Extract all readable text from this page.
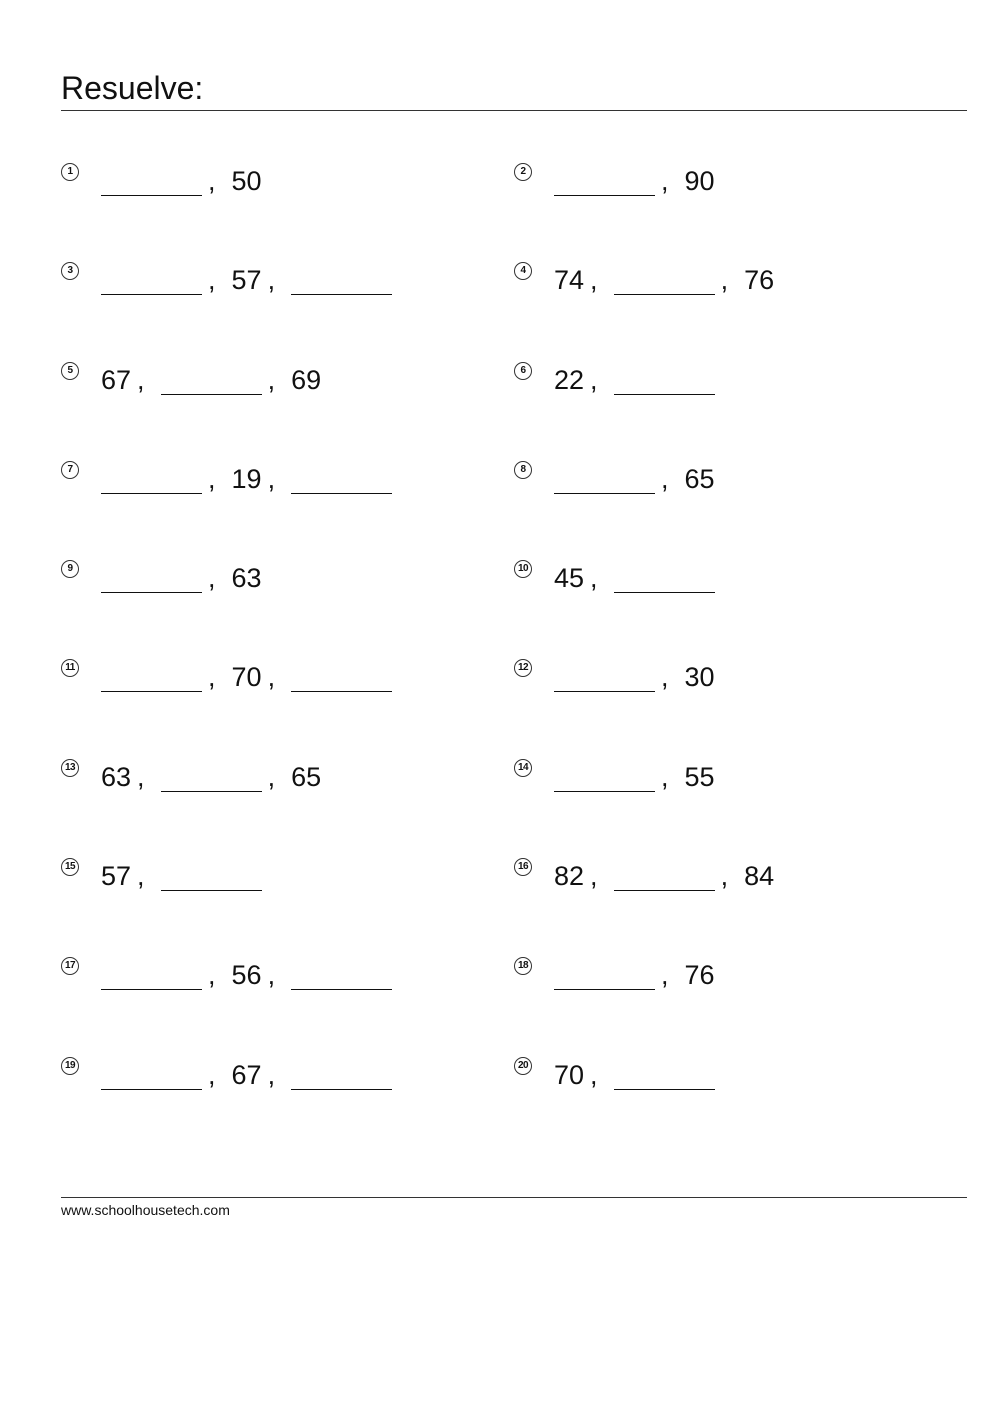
Resuelve:
1	, 50	2	, 90
3	, 57 ,	4 74 ,	, 76
5 67 ,	, 69	6 22 ,
7	, 19 ,	8	, 65
9	, 63	10 45 ,
11	, 70 ,	12	, 30
13 63 ,	, 65	14	, 55
15 57 ,	16 82 ,	, 84
17	, 56 ,	18	, 76
19	, 67 ,	20 70 ,
www.schoolhousetech.com
